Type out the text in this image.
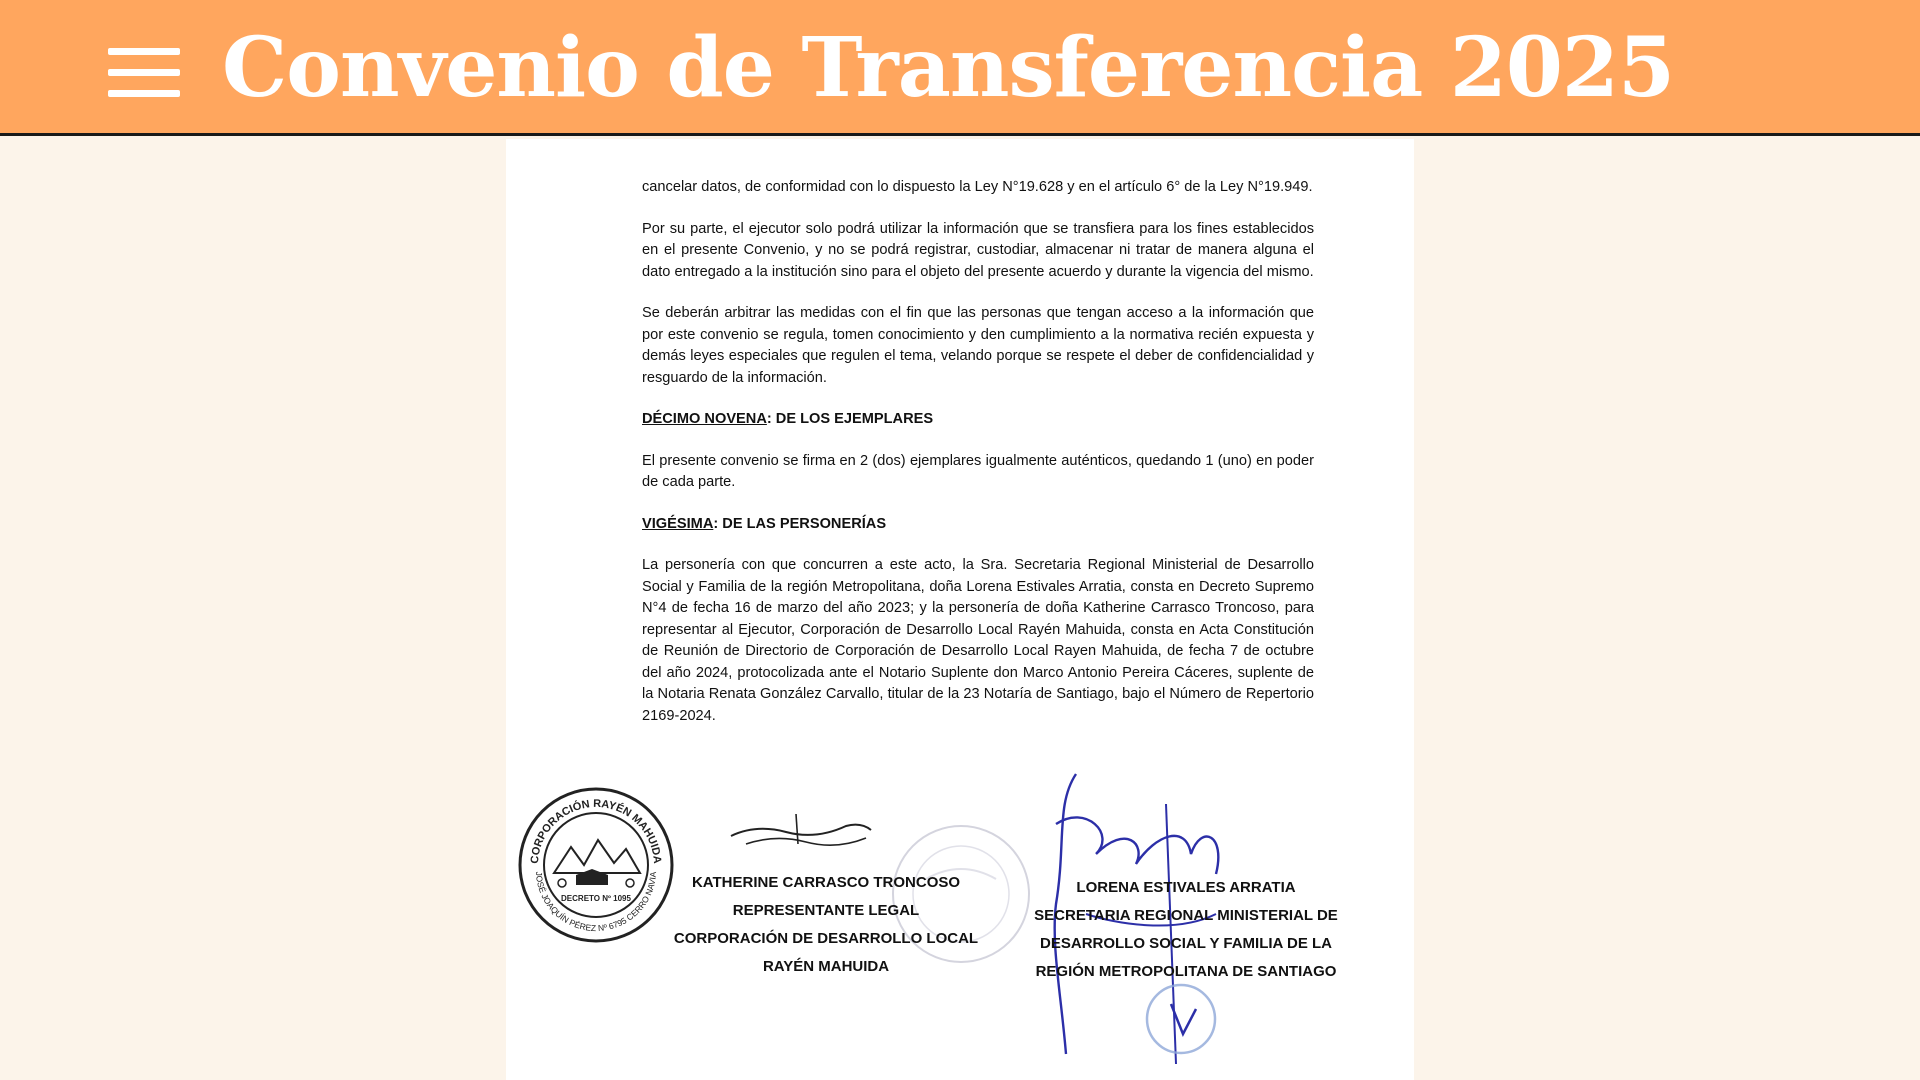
Convenio de Transferencia 2025

cancelar datos, de conformidad con lo dispuesto la Ley N°19.628 y en el artículo 6° de la Ley N°19.949.

Por su parte, el ejecutor solo podrá utilizar la información que se transfiera para los fines establecidos en el presente Convenio, y no se podrá registrar, custodiar, almacenar ni tratar de manera alguna el dato entregado a la institución sino para el objeto del presente acuerdo y durante la vigencia del mismo.

Se deberán arbitrar las medidas con el fin que las personas que tengan acceso a la información que por este convenio se regula, tomen conocimiento y den cumplimiento a la normativa recién expuesta y demás leyes especiales que regulen el tema, velando porque se respete el deber de confidencialidad y resguardo de la información.

DÉCIMO NOVENA: DE LOS EJEMPLARES

El presente convenio se firma en 2 (dos) ejemplares igualmente auténticos, quedando 1 (uno) en poder de cada parte.

VIGÉSIMA: DE LAS PERSONERÍAS

La personería con que concurren a este acto, la Sra. Secretaria Regional Ministerial de Desarrollo Social y Familia de la región Metropolitana, doña Lorena Estivales Arratia, consta en Decreto Supremo N°4 de fecha 16 de marzo del año 2023; y la personería de doña Katherine Carrasco Troncoso, para representar al Ejecutor, Corporación de Desarrollo Local Rayén Mahuida, consta en Acta Constitución de Reunión de Directorio de Corporación de Desarrollo Local Rayen Mahuida, de fecha 7 de octubre del año 2024, protocolizada ante el Notario Suplente don Marco Antonio Pereira Cáceres, suplente de la Notaria Renata González Carvallo, titular de la 23 Notaría de Santiago, bajo el Número de Repertorio 2169-2024.

CORPORACIÓN RAYÉN MAHUIDA
JOSÉ JOAQUÍN PÉREZ Nº 6795 CERRO NAVIA
DECRETO Nº 1095
KATHERINE CARRASCO TRONCOSO
REPRESENTANTE LEGAL
CORPORACIÓN DE DESARROLLO LOCAL
RAYÉN MAHUIDA
LORENA ESTIVALES ARRATIA
SECRETARIA REGIONAL MINISTERIAL DE
DESARROLLO SOCIAL Y FAMILIA DE LA
REGIÓN METROPOLITANA DE SANTIAGO
